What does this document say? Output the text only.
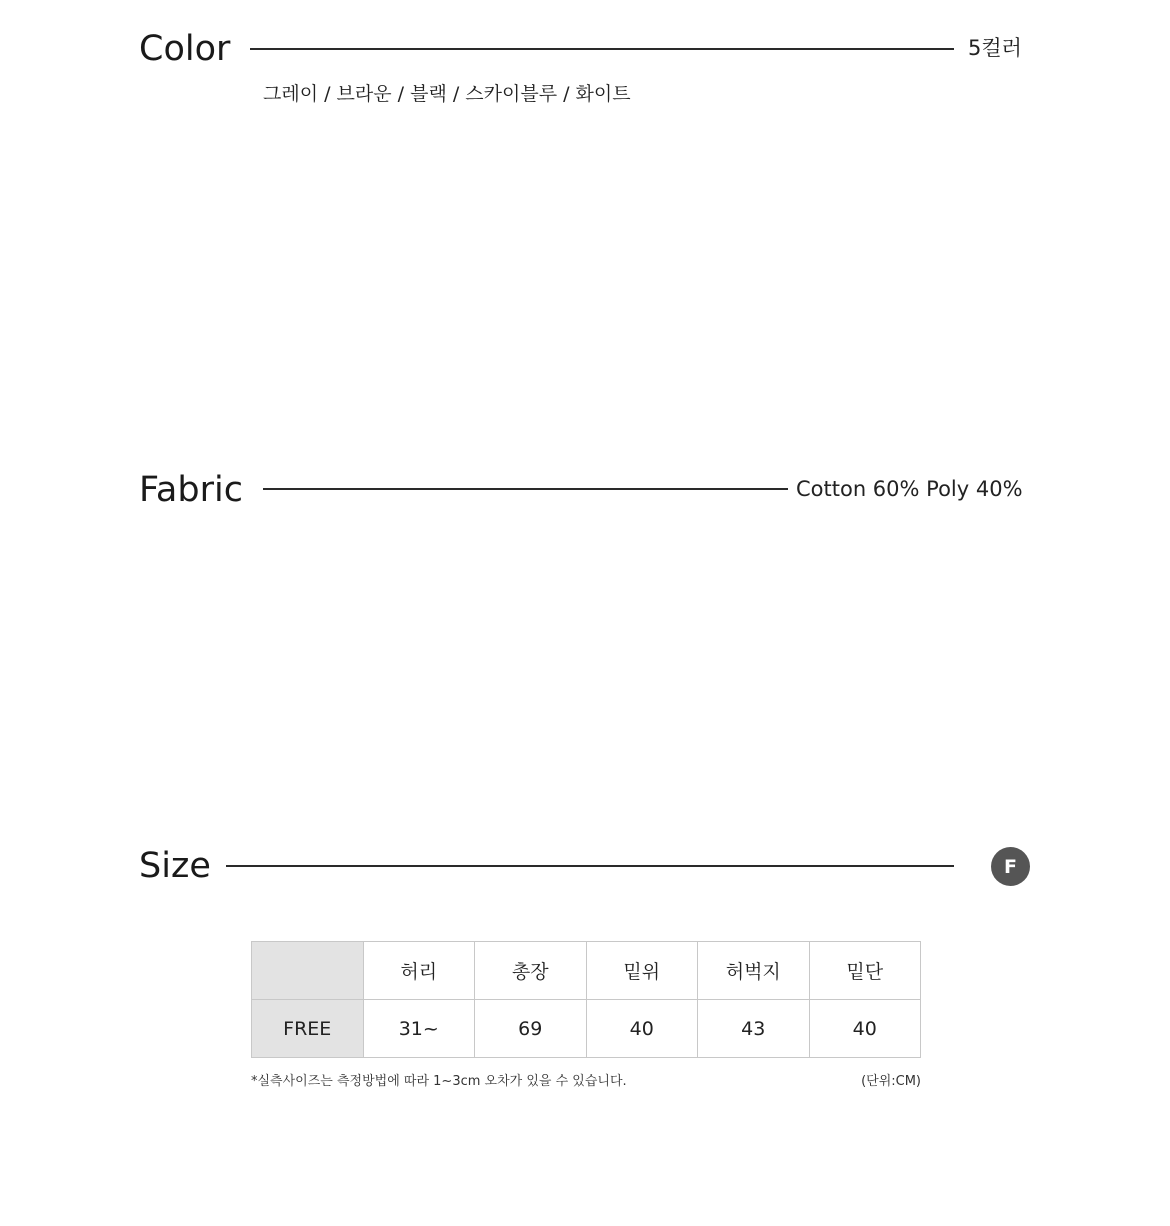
Color	5컬러
그레이 / 브라운 / 블랙 / 스카이블루 / 화이트
Fabric	Cotton 60% Poly 40%
Size	F
	허리	총장	밑위	허벅지	밑단
FREE	31~	69	40	43	40
*실측사이즈는 측정방법에 따라 1~3cm 오차가 있을 수 있습니다.	(단위:CM)
